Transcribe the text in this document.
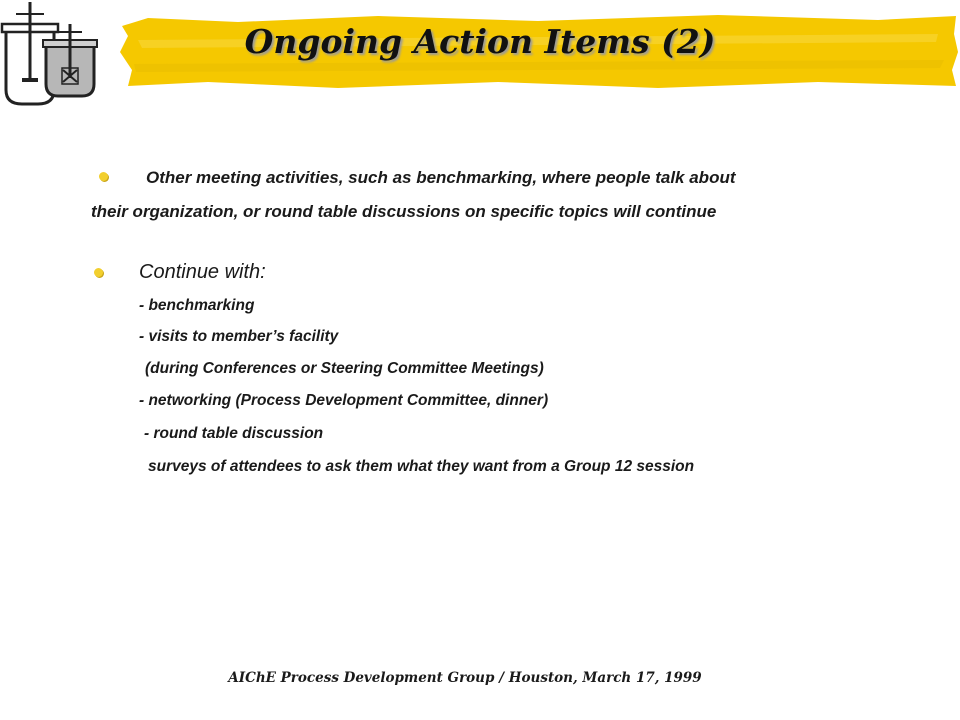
Ongoing Action Items (2)
Other meeting activities, such as benchmarking, where people talk about
their organization, or round table discussions on specific topics will continue
Continue with:
- benchmarking
- visits to member’s facility
(during Conferences or Steering Committee Meetings)
- networking (Process Development Committee, dinner)
- round table discussion
surveys of attendees to ask them what they want from a Group 12 session
AIChE Process Development Group / Houston, March 17, 1999
